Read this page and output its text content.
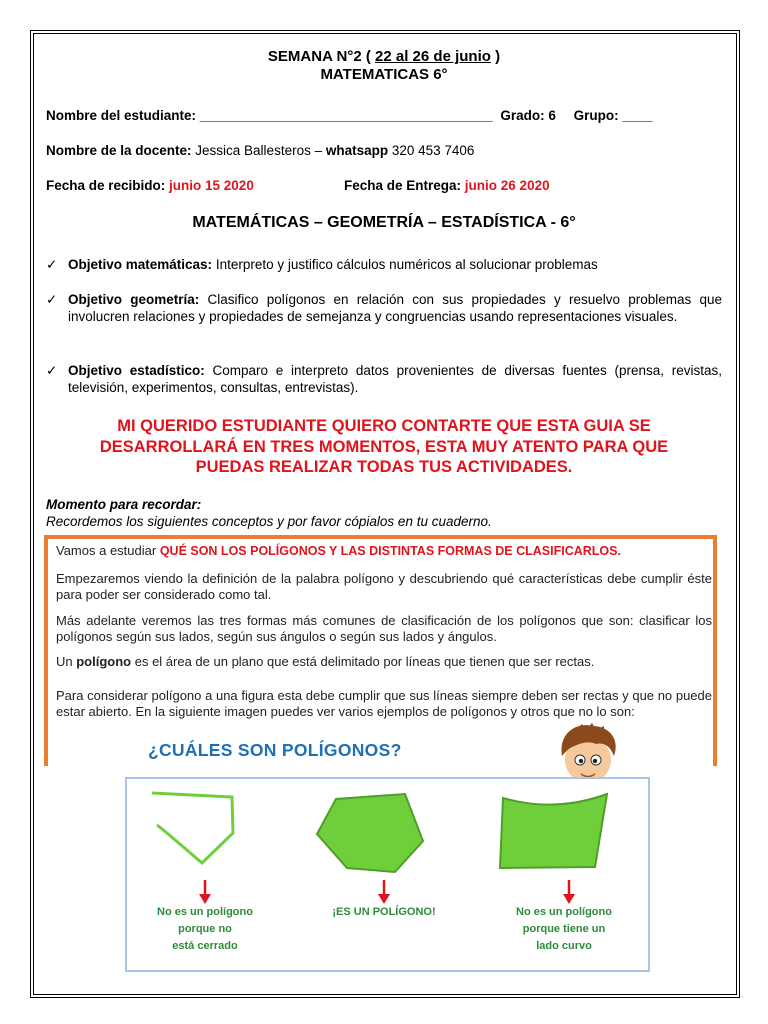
SEMANA N°2 ( 22 al 26 de junio )
MATEMATICAS 6°
Nombre del estudiante: _______________________________________ Grado: 6 Grupo: ____
Nombre de la docente: Jessica Ballesteros – whatsapp 320 453 7406
Fecha de recibido: junio 15 2020	Fecha de Entrega: junio 26 2020
MATEMÁTICAS – GEOMETRÍA – ESTADÍSTICA - 6°
✓ Objetivo matemáticas: Interpreto y justifico cálculos numéricos al solucionar problemas
✓ Objetivo geometría: Clasifico polígonos en relación con sus propiedades y resuelvo problemas que involucren relaciones y propiedades de semejanza y congruencias usando representaciones visuales.
✓ Objetivo estadístico: Comparo e interpreto datos provenientes de diversas fuentes (prensa, revistas, televisión, experimentos, consultas, entrevistas).
MI QUERIDO ESTUDIANTE QUIERO CONTARTE QUE ESTA GUIA SE
DESARROLLARÁ EN TRES MOMENTOS, ESTA MUY ATENTO PARA QUE
PUEDAS REALIZAR TODAS TUS ACTIVIDADES.
Momento para recordar:
Recordemos los siguientes conceptos y por favor cópialos en tu cuaderno.
Vamos a estudiar QUÉ SON LOS POLÍGONOS Y LAS DISTINTAS FORMAS DE CLASIFICARLOS.
Empezaremos viendo la definición de la palabra polígono y descubriendo qué características debe cumplir éste para poder ser considerado como tal.
Más adelante veremos las tres formas más comunes de clasificación de los polígonos que son: clasificar los polígonos según sus lados, según sus ángulos o según sus lados y ángulos.
Un polígono es el área de un plano que está delimitado por líneas que tienen que ser rectas.
Para considerar polígono a una figura esta debe cumplir que sus líneas siempre deben ser rectas y que no puede estar abierto. En la siguiente imagen puedes ver varios ejemplos de polígonos y otros que no lo son:
¿CUÁLES SON POLÍGONOS?
No es un polígono
porque no
está cerrado
¡ES UN POLÍGONO!	No es un polígono
porque tiene un
lado curvo
